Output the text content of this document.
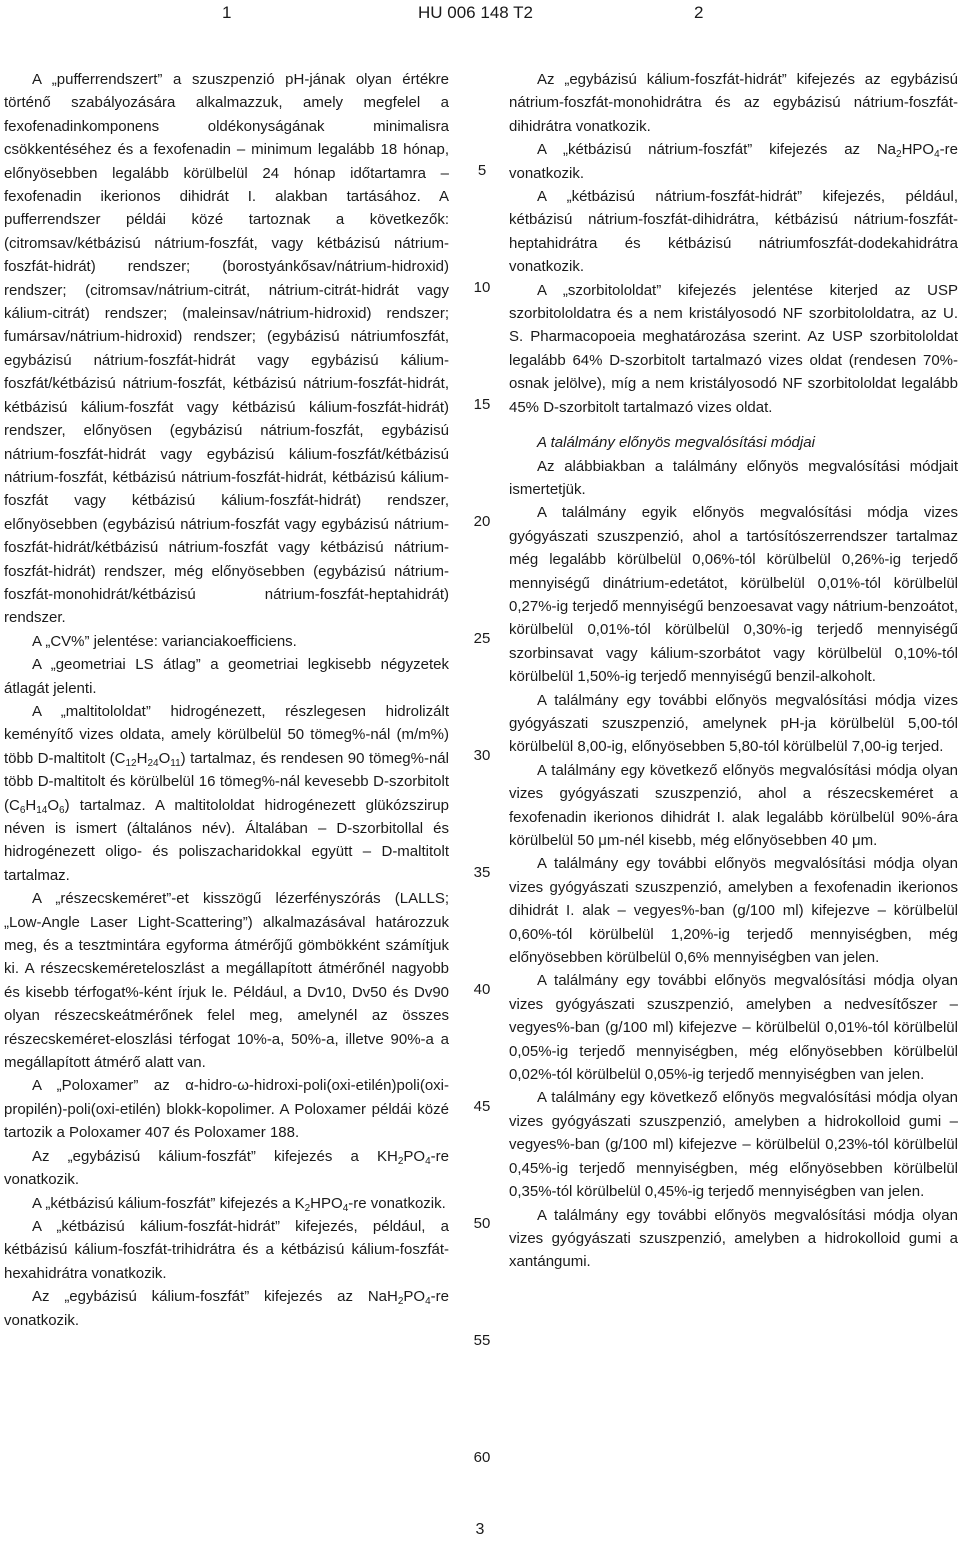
1	HU 006 148 T2	2

A „pufferrendszert” a szuszpenzió pH-jának olyan értékre történő szabályozására alkalmazzuk, amely megfelel a fexofenadinkomponens oldékonyságának minimalisra csökkentéséhez és a fexofenadin – minimum legalább 18 hónap, előnyösebben legalább körülbelül 24 hónap időtartamra – fexofenadin ikerionos dihidrát I. alakban tartásához. A pufferrendszer példái közé tartoznak a következők: (citromsav/kétbázisú nátrium-foszfát, vagy kétbázisú nátrium-foszfát-hidrát) rendszer; (borostyánkősav/nátrium-hidroxid) rendszer; (citromsav/nátrium-citrát, nátrium-citrát-hidrát vagy kálium-citrát) rendszer; (maleinsav/nátrium-hidroxid) rendszer; fumársav/nátrium-hidroxid) rendszer; (egybázisú nátriumfoszfát, egybázisú nátrium-foszfát-hidrát vagy egybázisú kálium-foszfát/kétbázisú nátrium-foszfát, kétbázisú nátrium-foszfát-hidrát, kétbázisú kálium-foszfát vagy kétbázisú kálium-foszfát-hidrát) rendszer, előnyösen (egybázisú nátrium-foszfát, egybázisú nátrium-foszfát-hidrát vagy egybázisú kálium-foszfát/kétbázisú nátrium-foszfát, kétbázisú nátrium-foszfát-hidrát, kétbázisú káliumfoszfát vagy kétbázisú kálium-foszfát-hidrát) rendszer, előnyösebben (egybázisú nátrium-foszfát vagy egybázisú nátrium-foszfát-hidrát/kétbázisú nátrium-foszfát vagy kétbázisú nátrium-foszfát-hidrát) rendszer, még előnyösebben (egybázisú nátrium-foszfát-monohidrát/kétbázisú nátrium-foszfát-heptahidrát) rendszer.

A „CV%” jelentése: varianciakoefficiens.

A „geometriai LS átlag” a geometriai legkisebb négyzetek átlagát jelenti.

A „maltitololdat” hidrogénezett, részlegesen hidrolizált keményítő vizes oldata, amely körülbelül 50 tömeg%-nál (m/m%) több D-maltitolt $(C_{12}H_{24}O_{11})$ tartalmaz, és rendesen 90 tömeg%-nál több D-maltitolt és körülbelül 16 tömeg%-nál kevesebb D-szorbitolt $(C_6H_{14}O_6)$ tartalmaz. A maltitololdat hidrogénezett glükózszirup néven is ismert (általános név). Általában – D-szorbitollal és hidrogénezett oligo- és poliszacharidokkal együtt – D-maltitolt tartalmaz.

A „részecskeméret”-et kisszögű lézerfényszórás (LALLS; „Low-Angle Laser Light-Scattering”) alkalmazásával határozzuk meg, és a tesztmintára egyforma átmérőjű gömbökként számítjuk ki. A részecskeméreteloszlást a megállapított átmérőnél nagyobb és kisebb térfogat%-ként írjuk le. Például, a Dv10, Dv50 és Dv90 olyan részecskeátmérőnek felel meg, amelynél az összes részecskeméret-eloszlási térfogat 10%-a, 50%-a, illetve 90%-a a megállapított átmérő alatt van.

A „Poloxamer” az α-hidro-ω-hidroxi-poli(oxi-etilén)poli(oxi-propilén)-poli(oxi-etilén) blokk-kopolimer. A Poloxamer példái közé tartozik a Poloxamer 407 és Poloxamer 188.

Az „egybázisú kálium-foszfát” kifejezés a $KH_2PO_4-re$ vonatkozik.

A „kétbázisú kálium-foszfát” kifejezés a $K_2HPO_4-re$ vonatkozik.

A „kétbázisú kálium-foszfát-hidrát” kifejezés, például, a kétbázisú kálium-foszfát-trihidrátra és a kétbázisú kálium-foszfát-hexahidrátra vonatkozik.

Az „egybázisú kálium-foszfát” kifejezés az $NaH_2PO_4-re$ vonatkozik.

5
10
15
20
25
30
35
40
45
50
55
60

Az „egybázisú kálium-foszfát-hidrát” kifejezés az egybázisú nátrium-foszfát-monohidrátra és az egybázisú nátrium-foszfát-dihidrátra vonatkozik.

A „kétbázisú nátrium-foszfát” kifejezés az $Na_2HPO_4-re$ vonatkozik.

A „kétbázisú nátrium-foszfát-hidrát” kifejezés, például, kétbázisú nátrium-foszfát-dihidrátra, kétbázisú nátrium-foszfát-heptahidrátra és kétbázisú nátriumfoszfát-dodekahidrátra vonatkozik.

A „szorbitololdat” kifejezés jelentése kiterjed az USP szorbitololdatra és a nem kristályosodó NF szorbitololdatra, az U. S. Pharmacopoeia meghatározása szerint. Az USP szorbitololdat legalább 64% D-szorbitolt tartalmazó vizes oldat (rendesen 70%-osnak jelölve), míg a nem kristályosodó NF szorbitololdat legalább 45% D-szorbitolt tartalmazó vizes oldat.

A találmány előnyös megvalósítási módjai

Az alábbiakban a találmány előnyös megvalósítási módjait ismertetjük.

A találmány egyik előnyös megvalósítási módja vizes gyógyászati szuszpenzió, ahol a tartósítószerrendszer tartalmaz még legalább körülbelül 0,06%-tól körülbelül 0,26%-ig terjedő mennyiségű dinátrium-edetátot, körülbelül 0,01%-tól körülbelül 0,27%-ig terjedő mennyiségű benzoesavat vagy nátrium-benzoátot, körülbelül 0,01%-tól körülbelül 0,30%-ig terjedő mennyiségű szorbinsavat vagy kálium-szorbátot vagy körülbelül 0,10%-tól körülbelül 1,50%-ig terjedő mennyiségű benzil-alkoholt.

A találmány egy további előnyös megvalósítási módja vizes gyógyászati szuszpenzió, amelynek pH-ja körülbelül 5,00-tól körülbelül 8,00-ig, előnyösebben 5,80-tól körülbelül 7,00-ig terjed.

A találmány egy következő előnyös megvalósítási módja olyan vizes gyógyászati szuszpenzió, ahol a részecskeméret a fexofenadin ikerionos dihidrát I. alak legalább körülbelül 90%-ára körülbelül 50 μm-nél kisebb, még előnyösebben 40 μm.

A találmány egy további előnyös megvalósítási módja olyan vizes gyógyászati szuszpenzió, amelyben a fexofenadin ikerionos dihidrát I. alak – vegyes%-ban (g/100 ml) kifejezve – körülbelül 0,60%-tól körülbelül 1,20%-ig terjedő mennyiségben, még előnyösebben körülbelül 0,6% mennyiségben van jelen.

A találmány egy további előnyös megvalósítási módja olyan vizes gyógyászati szuszpenzió, amelyben a nedvesítőszer – vegyes%-ban (g/100 ml) kifejezve – körülbelül 0,01%-tól körülbelül 0,05%-ig terjedő mennyiségben, még előnyösebben körülbelül 0,02%-tól körülbelül 0,05%-ig terjedő mennyiségben van jelen.

A találmány egy következő előnyös megvalósítási módja olyan vizes gyógyászati szuszpenzió, amelyben a hidrokolloid gumi – vegyes%-ban (g/100 ml) kifejezve – körülbelül 0,23%-tól körülbelül 0,45%-ig terjedő mennyiségben, még előnyösebben körülbelül 0,35%-tól körülbelül 0,45%-ig terjedő mennyiségben van jelen.

A találmány egy további előnyös megvalósítási módja olyan vizes gyógyászati szuszpenzió, amelyben a hidrokolloid gumi a xantángumi.

3
